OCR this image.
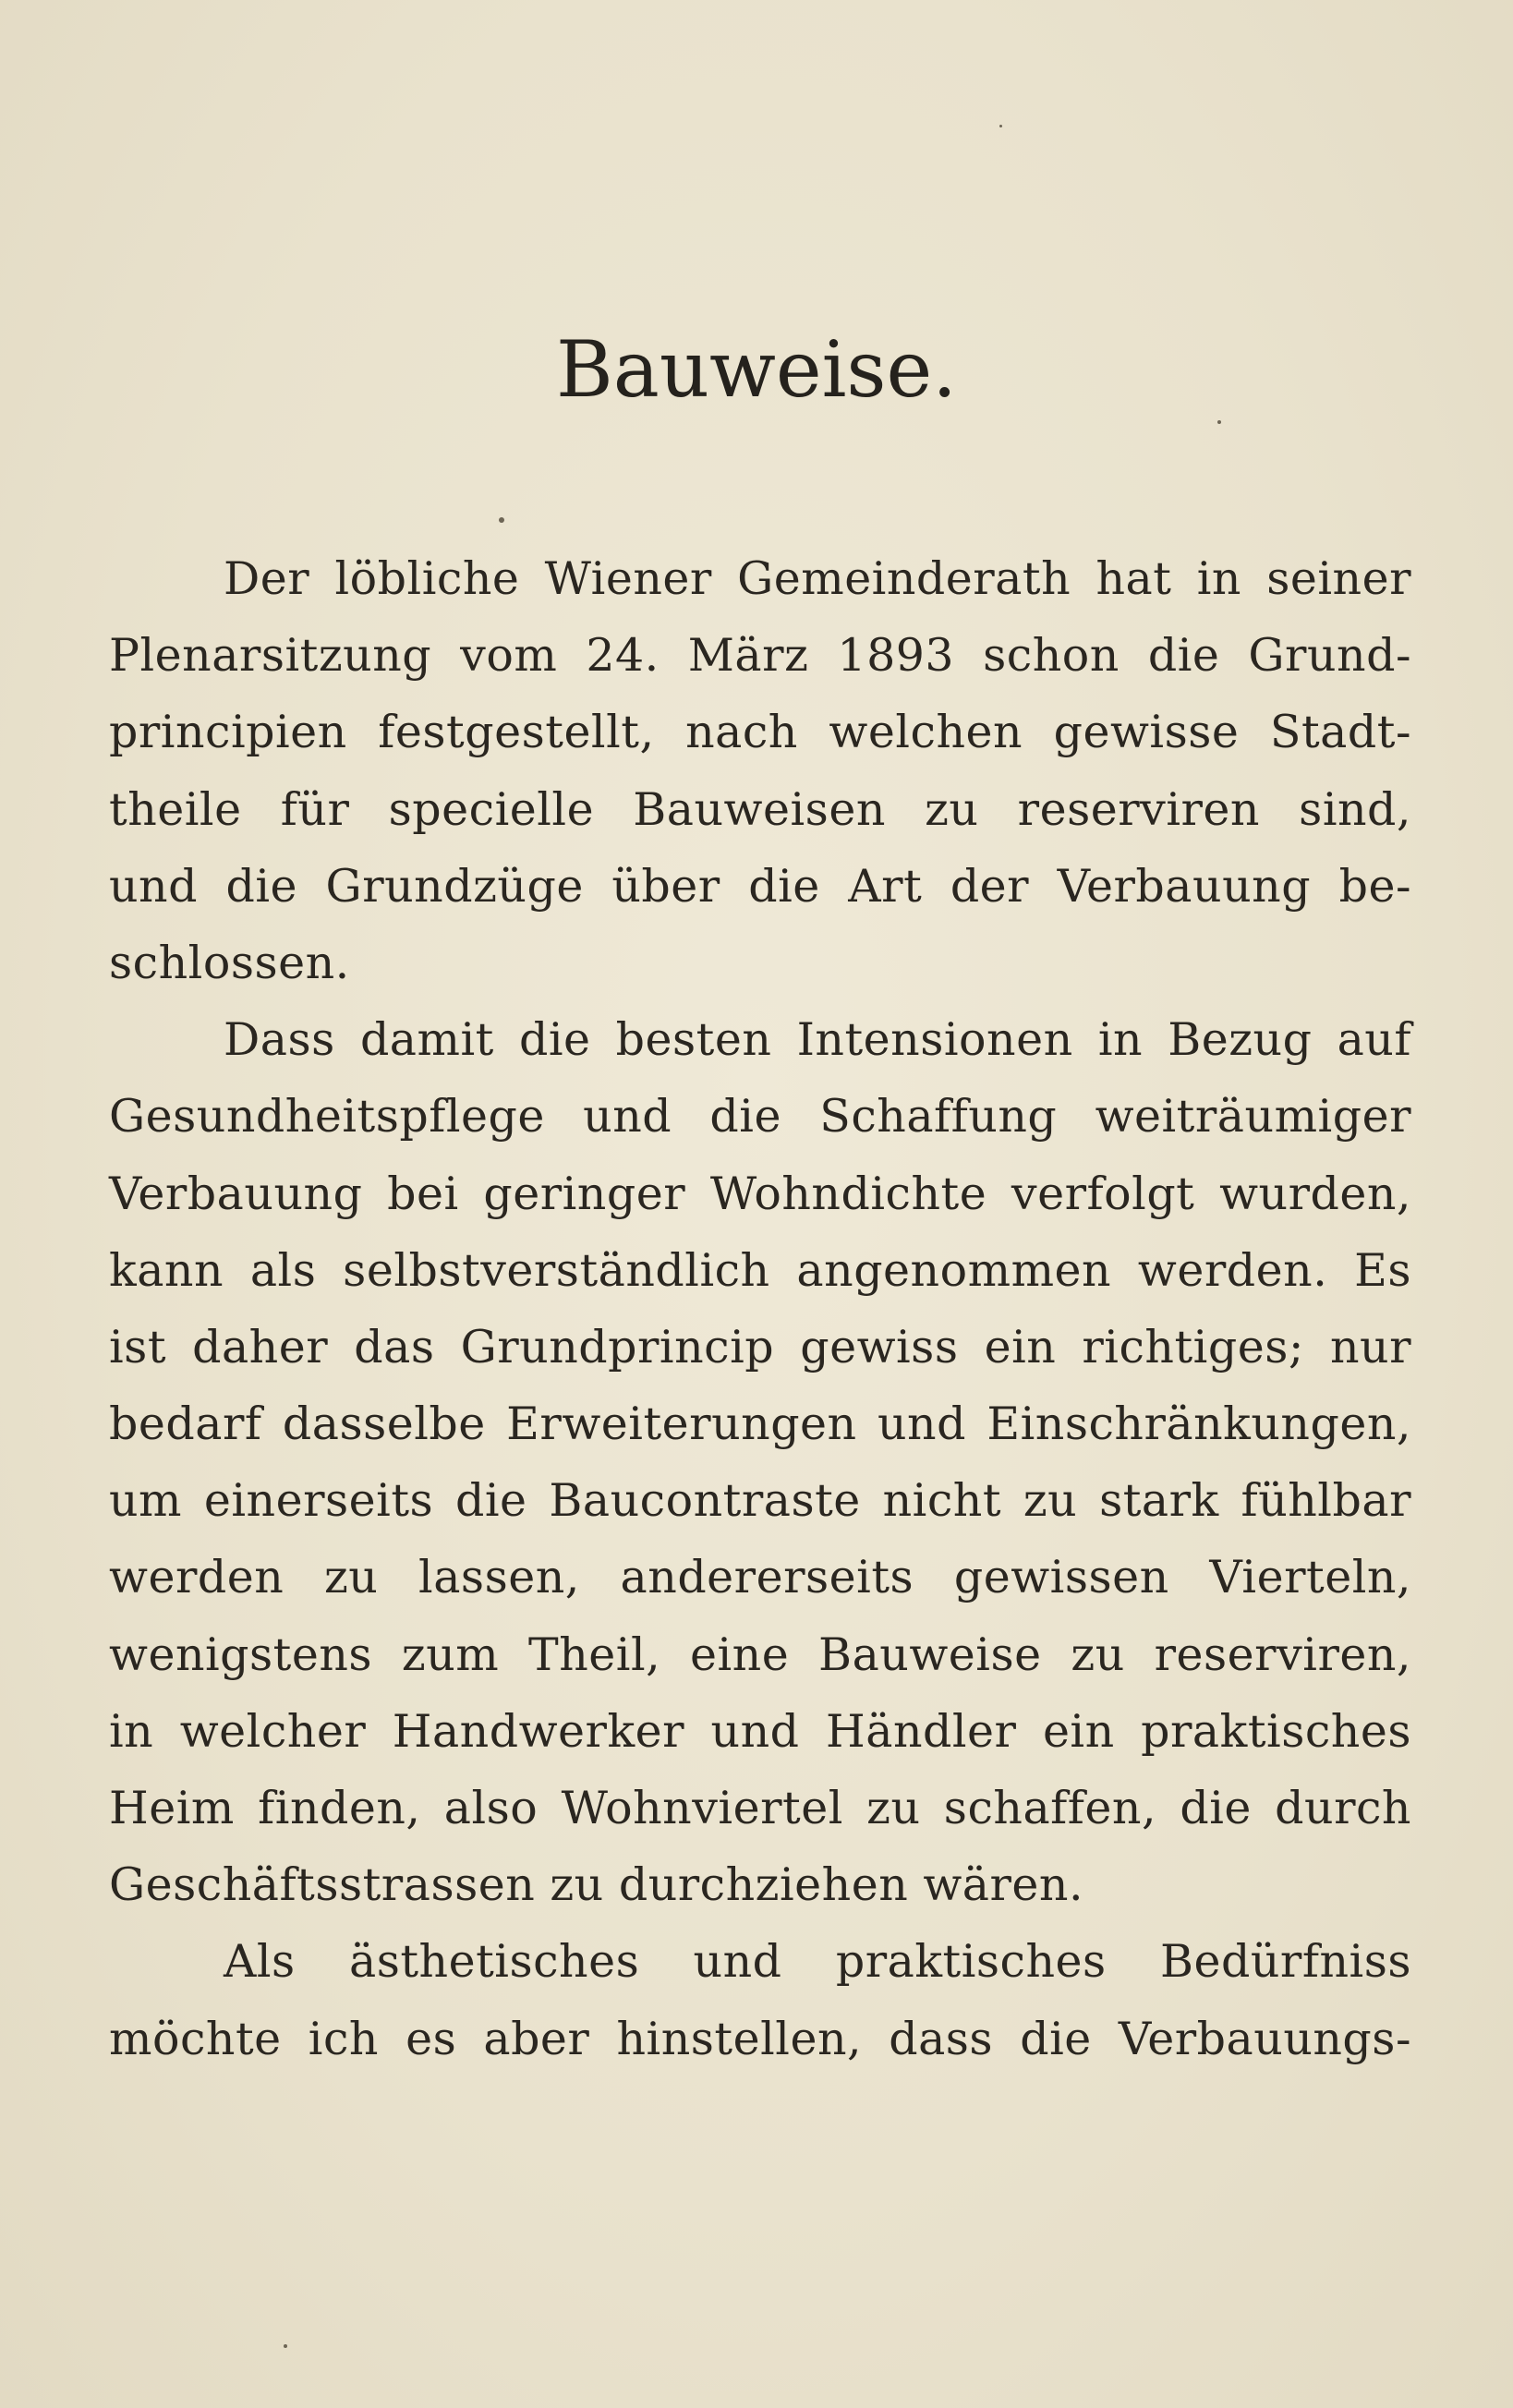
Bauweise.
Der löbliche Wiener Gemeinderath hat in seiner
Plenarsitzung vom 24. März 1893 schon die Grund-
principien festgestellt, nach welchen gewisse Stadt-
theile für specielle Bauweisen zu reserviren sind,
und die Grundzüge über die Art der Verbauung be-
schlossen.
Dass damit die besten Intensionen in Bezug auf
Gesundheitspflege und die Schaffung weiträumiger
Verbauung bei geringer Wohndichte verfolgt wurden,
kann als selbstverständlich angenommen werden. Es
ist daher das Grundprincip gewiss ein richtiges; nur
bedarf dasselbe Erweiterungen und Einschränkungen,
um einerseits die Baucontraste nicht zu stark fühlbar
werden zu lassen, andererseits gewissen Vierteln,
wenigstens zum Theil, eine Bauweise zu reserviren,
in welcher Handwerker und Händler ein praktisches
Heim finden, also Wohnviertel zu schaffen, die durch
Geschäftsstrassen zu durchziehen wären.
Als ästhetisches und praktisches Bedürfniss
möchte ich es aber hinstellen, dass die Verbauungs-
